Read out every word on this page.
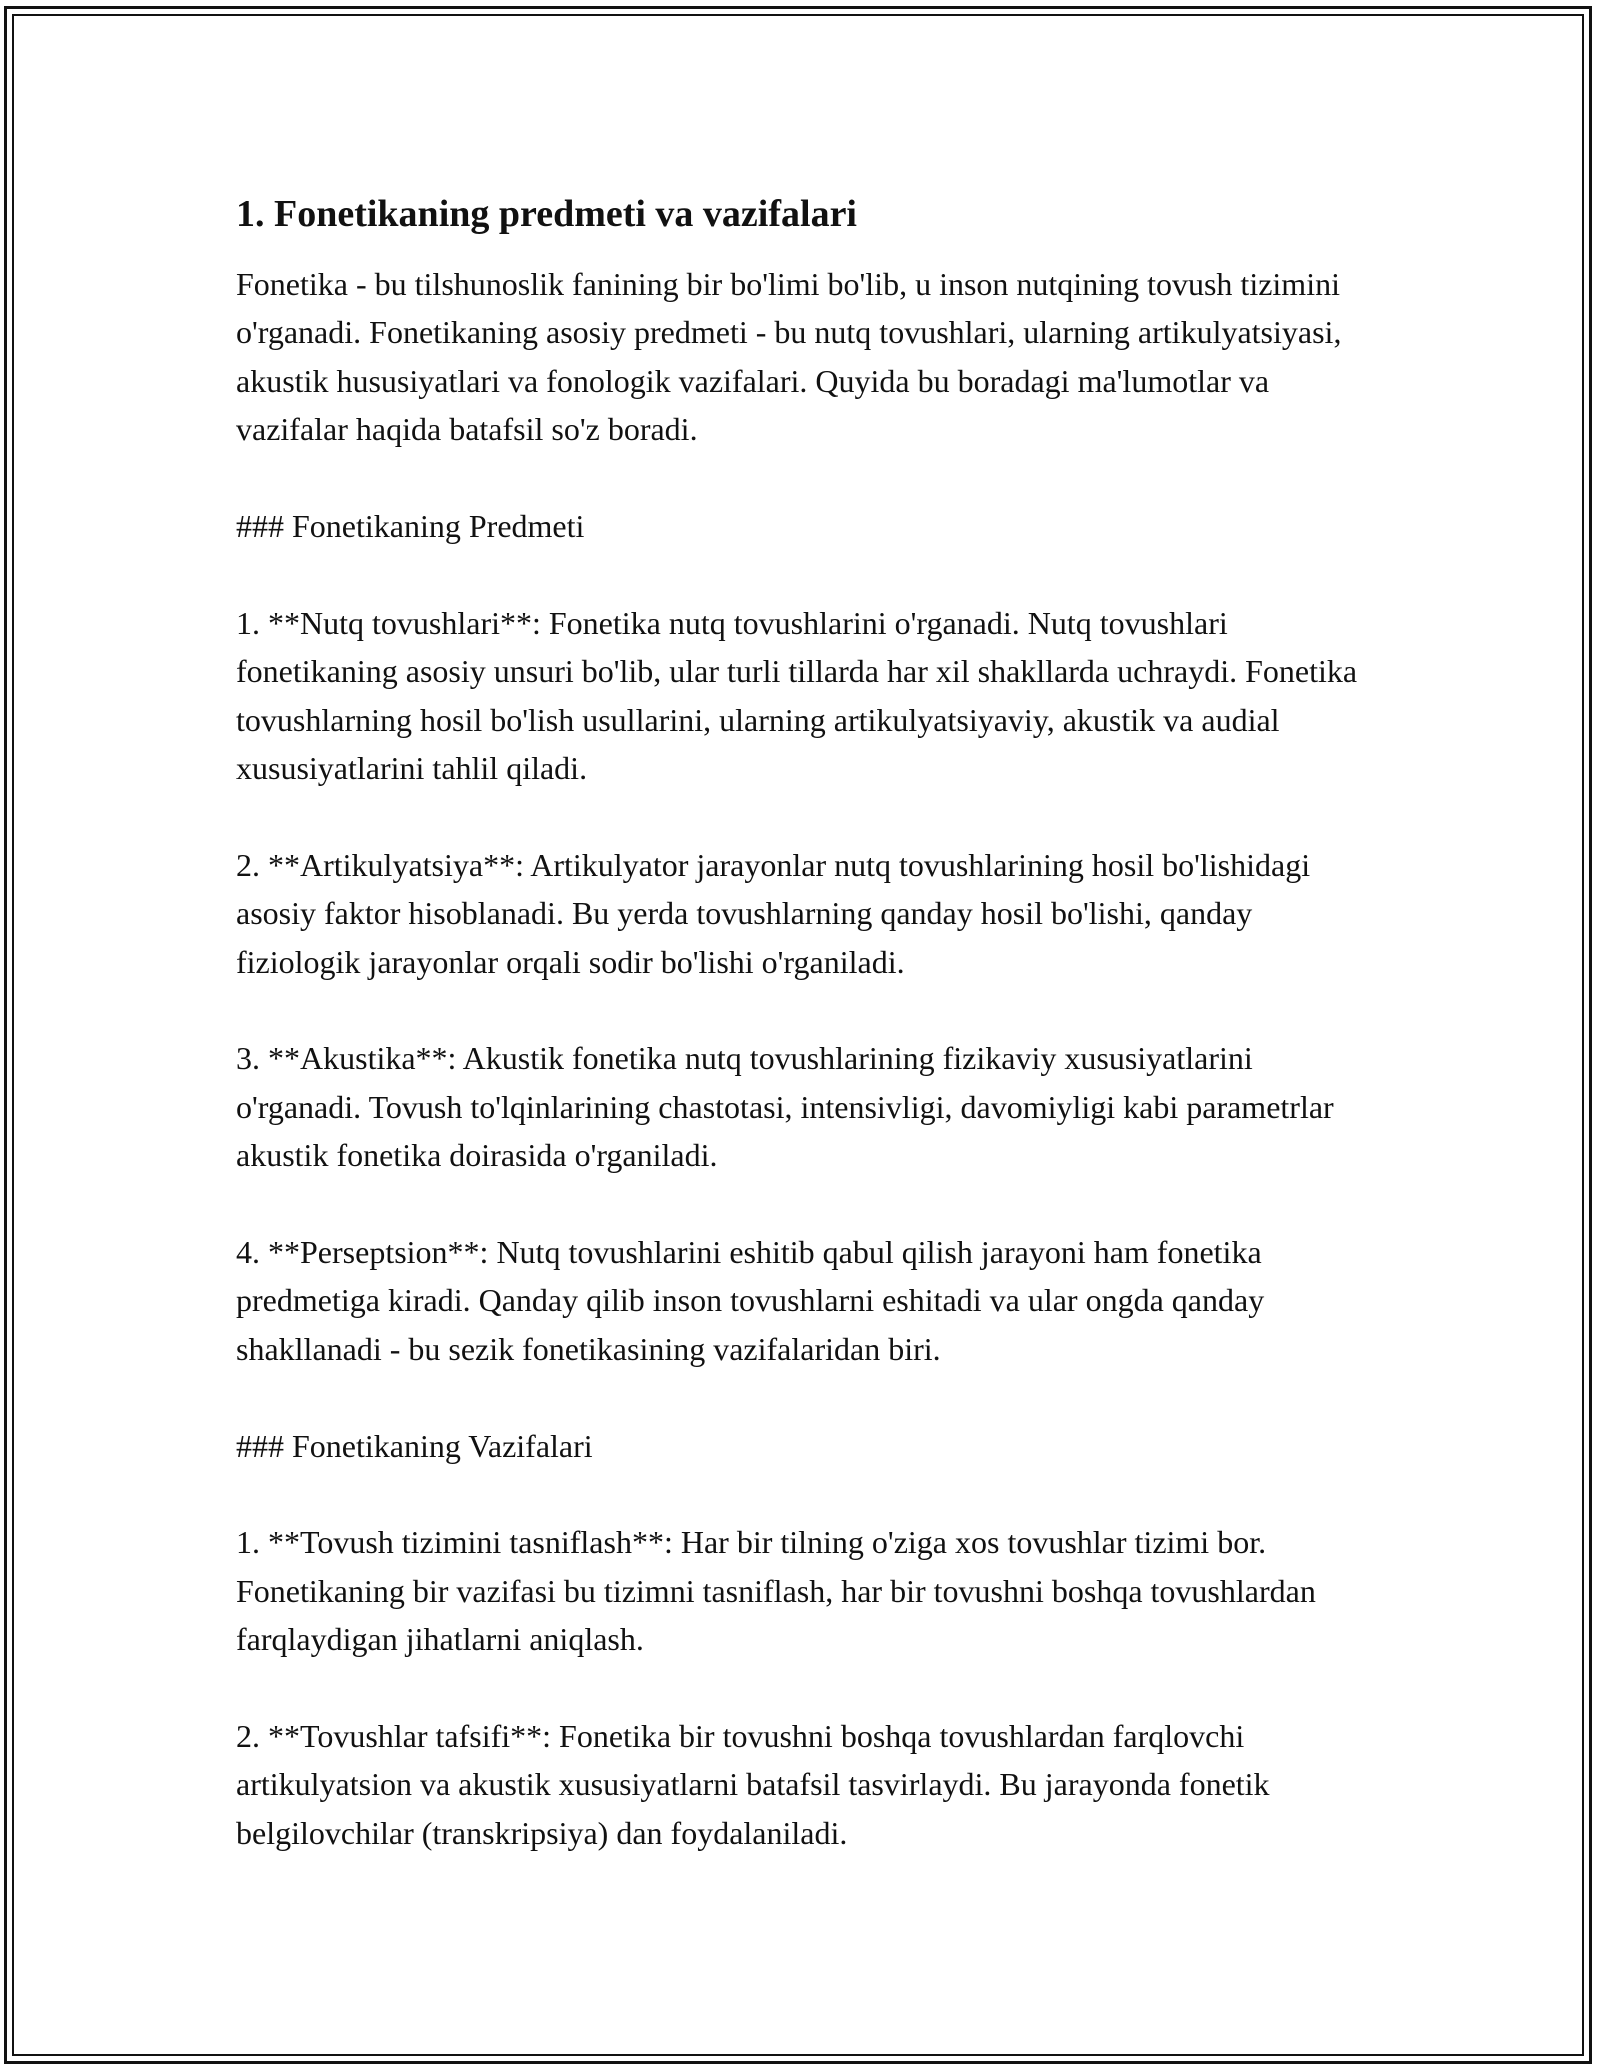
1. Fonetikaning predmeti va vazifalari

Fonetika - bu tilshunoslik fanining bir bo'limi bo'lib, u inson nutqining tovush tizimini o'rganadi. Fonetikaning asosiy predmeti - bu nutq tovushlari, ularning artikulyatsiyasi, akustik hususiyatlari va fonologik vazifalari. Quyida bu boradagi ma'lumotlar va vazifalar haqida batafsil so'z boradi.

### Fonetikaning Predmeti

1. **Nutq tovushlari**: Fonetika nutq tovushlarini o'rganadi. Nutq tovushlari fonetikaning asosiy unsuri bo'lib, ular turli tillarda har xil shakllarda uchraydi. Fonetika tovushlarning hosil bo'lish usullarini, ularning artikulyatsiyaviy, akustik va audial xususiyatlarini tahlil qiladi.

2. **Artikulyatsiya**: Artikulyator jarayonlar nutq tovushlarining hosil bo'lishidagi asosiy faktor hisoblanadi. Bu yerda tovushlarning qanday hosil bo'lishi, qanday fiziologik jarayonlar orqali sodir bo'lishi o'rganiladi.

3. **Akustika**: Akustik fonetika nutq tovushlarining fizikaviy xususiyatlarini o'rganadi. Tovush to'lqinlarining chastotasi, intensivligi, davomiyligi kabi parametrlar akustik fonetika doirasida o'rganiladi.

4. **Perseptsion**: Nutq tovushlarini eshitib qabul qilish jarayoni ham fonetika predmetiga kiradi. Qanday qilib inson tovushlarni eshitadi va ular ongda qanday shakllanadi - bu sezik fonetikasining vazifalaridan biri.

### Fonetikaning Vazifalari

1. **Tovush tizimini tasniflash**: Har bir tilning o'ziga xos tovushlar tizimi bor. Fonetikaning bir vazifasi bu tizimni tasniflash, har bir tovushni boshqa tovushlardan farqlaydigan jihatlarni aniqlash.

2. **Tovushlar tafsifi**: Fonetika bir tovushni boshqa tovushlardan farqlovchi artikulyatsion va akustik xususiyatlarni batafsil tasvirlaydi. Bu jarayonda fonetik belgilovchilar (transkripsiya) dan foydalaniladi.
